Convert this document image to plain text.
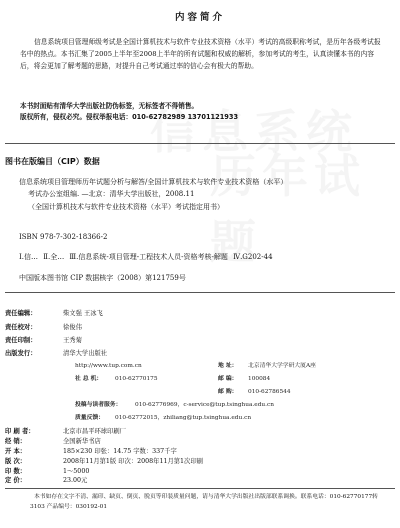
内容简介
信息系统项目管理师级考试是全国计算机技术与软件专业技术资格（水平）考试的高级职称考试，是历年各级考试报名中的热点。本书汇集了2005上半年至2008上半年的所有试题和权威的解析，参加考试的考生，认真读懂本书的内容后，将会更加了解考题的思路，对提升自己考试通过率的信心会有极大的帮助。
本书封面贴有清华大学出版社防伪标签，无标签者不得销售。
版权所有，侵权必究。侵权举报电话：010-62782989 13701121933
图书在版编目（CIP）数据
信息系统项目管理师历年试题分析与解答/全国计算机技术与软件专业技术资格（水平）
考试办公室组编. —北京：清华大学出版社，2008.11
（全国计算机技术与软件专业技术资格（水平）考试指定用书）
ISBN 978-7-302-18366-2
Ⅰ.信… Ⅱ.全… Ⅲ.信息系统-项目管理-工程技术人员-资格考核-解题 Ⅳ.G202-44
中国版本图书馆 CIP 数据核字（2008）第121759号
责任编辑：	柴文强 王冰飞
责任校对：	徐俊伟
责任印制：	王秀菊
出版发行：	清华大学出版社
http://www.tup.com.cn	地 址： 北京清华大学学研大厦A座
社 总 机： 010-62770175	邮 编： 100084
邮 购： 010-62786544
投稿与读者服务： 010-62776969，c-service@tup.tsinghua.edu.cn
质量反馈： 010-62772015，zhiliang@tup.tsinghua.edu.cn
印 刷 者：	北京市昌平环球印刷厂
经 销：	全国新华书店
开 本：	185×230 印张：14.75 字数：337千字
版 次：	2008年11月第1版 印次：2008年11月第1次印刷
印 数：	1～5000
定 价：	23.00元
本书如存在文字不清、漏印、缺页、倒页、脱页等印装质量问题，请与清华大学出版社出版部联系调换。联系电话：010-62770177转3103 产品编号：030192-01
